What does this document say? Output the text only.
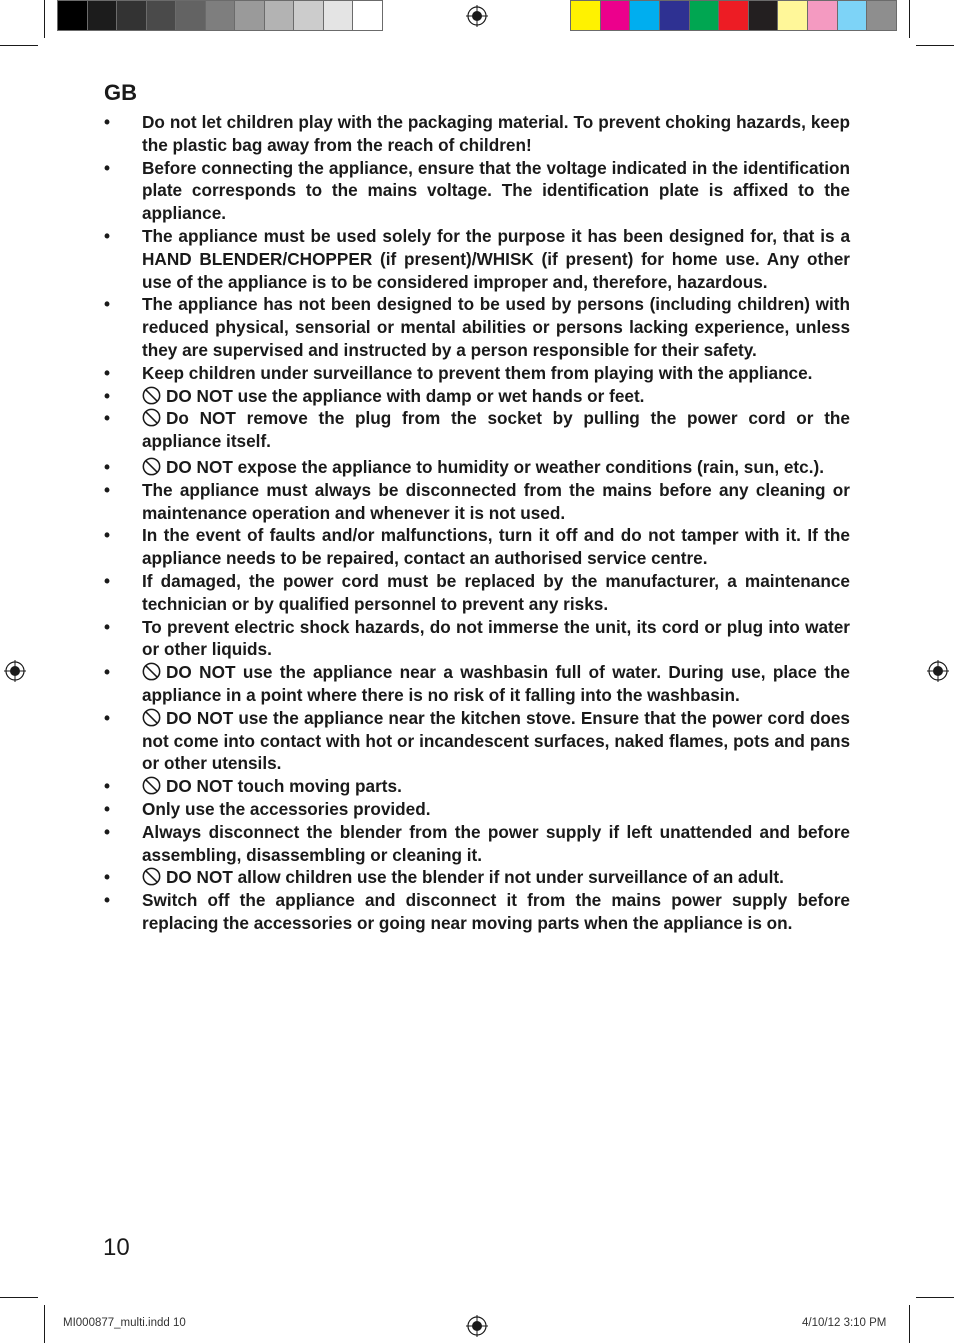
GB
• Do not let children play with the packaging material. To prevent choking hazards, keep the plastic bag away from the reach of children!
• Before connecting the appliance, ensure that the voltage indicated in the identification plate corresponds to the mains voltage. The identification plate is affixed to the appliance.
• The appliance must be used solely for the purpose it has been designed for, that is a HAND BLENDER/CHOPPER (if present)/WHISK (if present) for home use. Any other use of the appliance is to be considered improper and, therefore, hazardous.
• The appliance has not been designed to be used by persons (including children) with reduced physical, sensorial or mental abilities or persons lacking experience, unless they are supervised and instructed by a person responsible for their safety.
• Keep children under surveillance to prevent them from playing with the appliance.
•	DO NOT use the appliance with damp or wet hands or feet.
•	Do NOT remove the plug from the socket by pulling the power cord or the appliance itself.
•	DO NOT expose the appliance to humidity or weather conditions (rain, sun, etc.).
• The appliance must always be disconnected from the mains before any cleaning or maintenance operation and whenever it is not used.
• In the event of faults and/or malfunctions, turn it off and do not tamper with it. If the appliance needs to be repaired, contact an authorised service centre.
• If damaged, the power cord must be replaced by the manufacturer, a maintenance technician or by qualified personnel to prevent any risks.
• To prevent electric shock hazards, do not immerse the unit, its cord or plug into water or other liquids.
•	DO NOT use the appliance near a washbasin full of water. During use, place the appliance in a point where there is no risk of it falling into the washbasin.
•	DO NOT use the appliance near the kitchen stove. Ensure that the power cord does not come into contact with hot or incandescent surfaces, naked flames, pots and pans or other utensils.
•	DO NOT touch moving parts.
• Only use the accessories provided.
• Always disconnect the blender from the power supply if left unattended and before assembling, disassembling or cleaning it.
•	DO NOT allow children use the blender if not under surveillance of an adult.
• Switch off the appliance and disconnect it from the mains power supply before replacing the accessories or going near moving parts when the appliance is on.
10
MI000877_multi.indd 10	4/10/12 3:10 PM
